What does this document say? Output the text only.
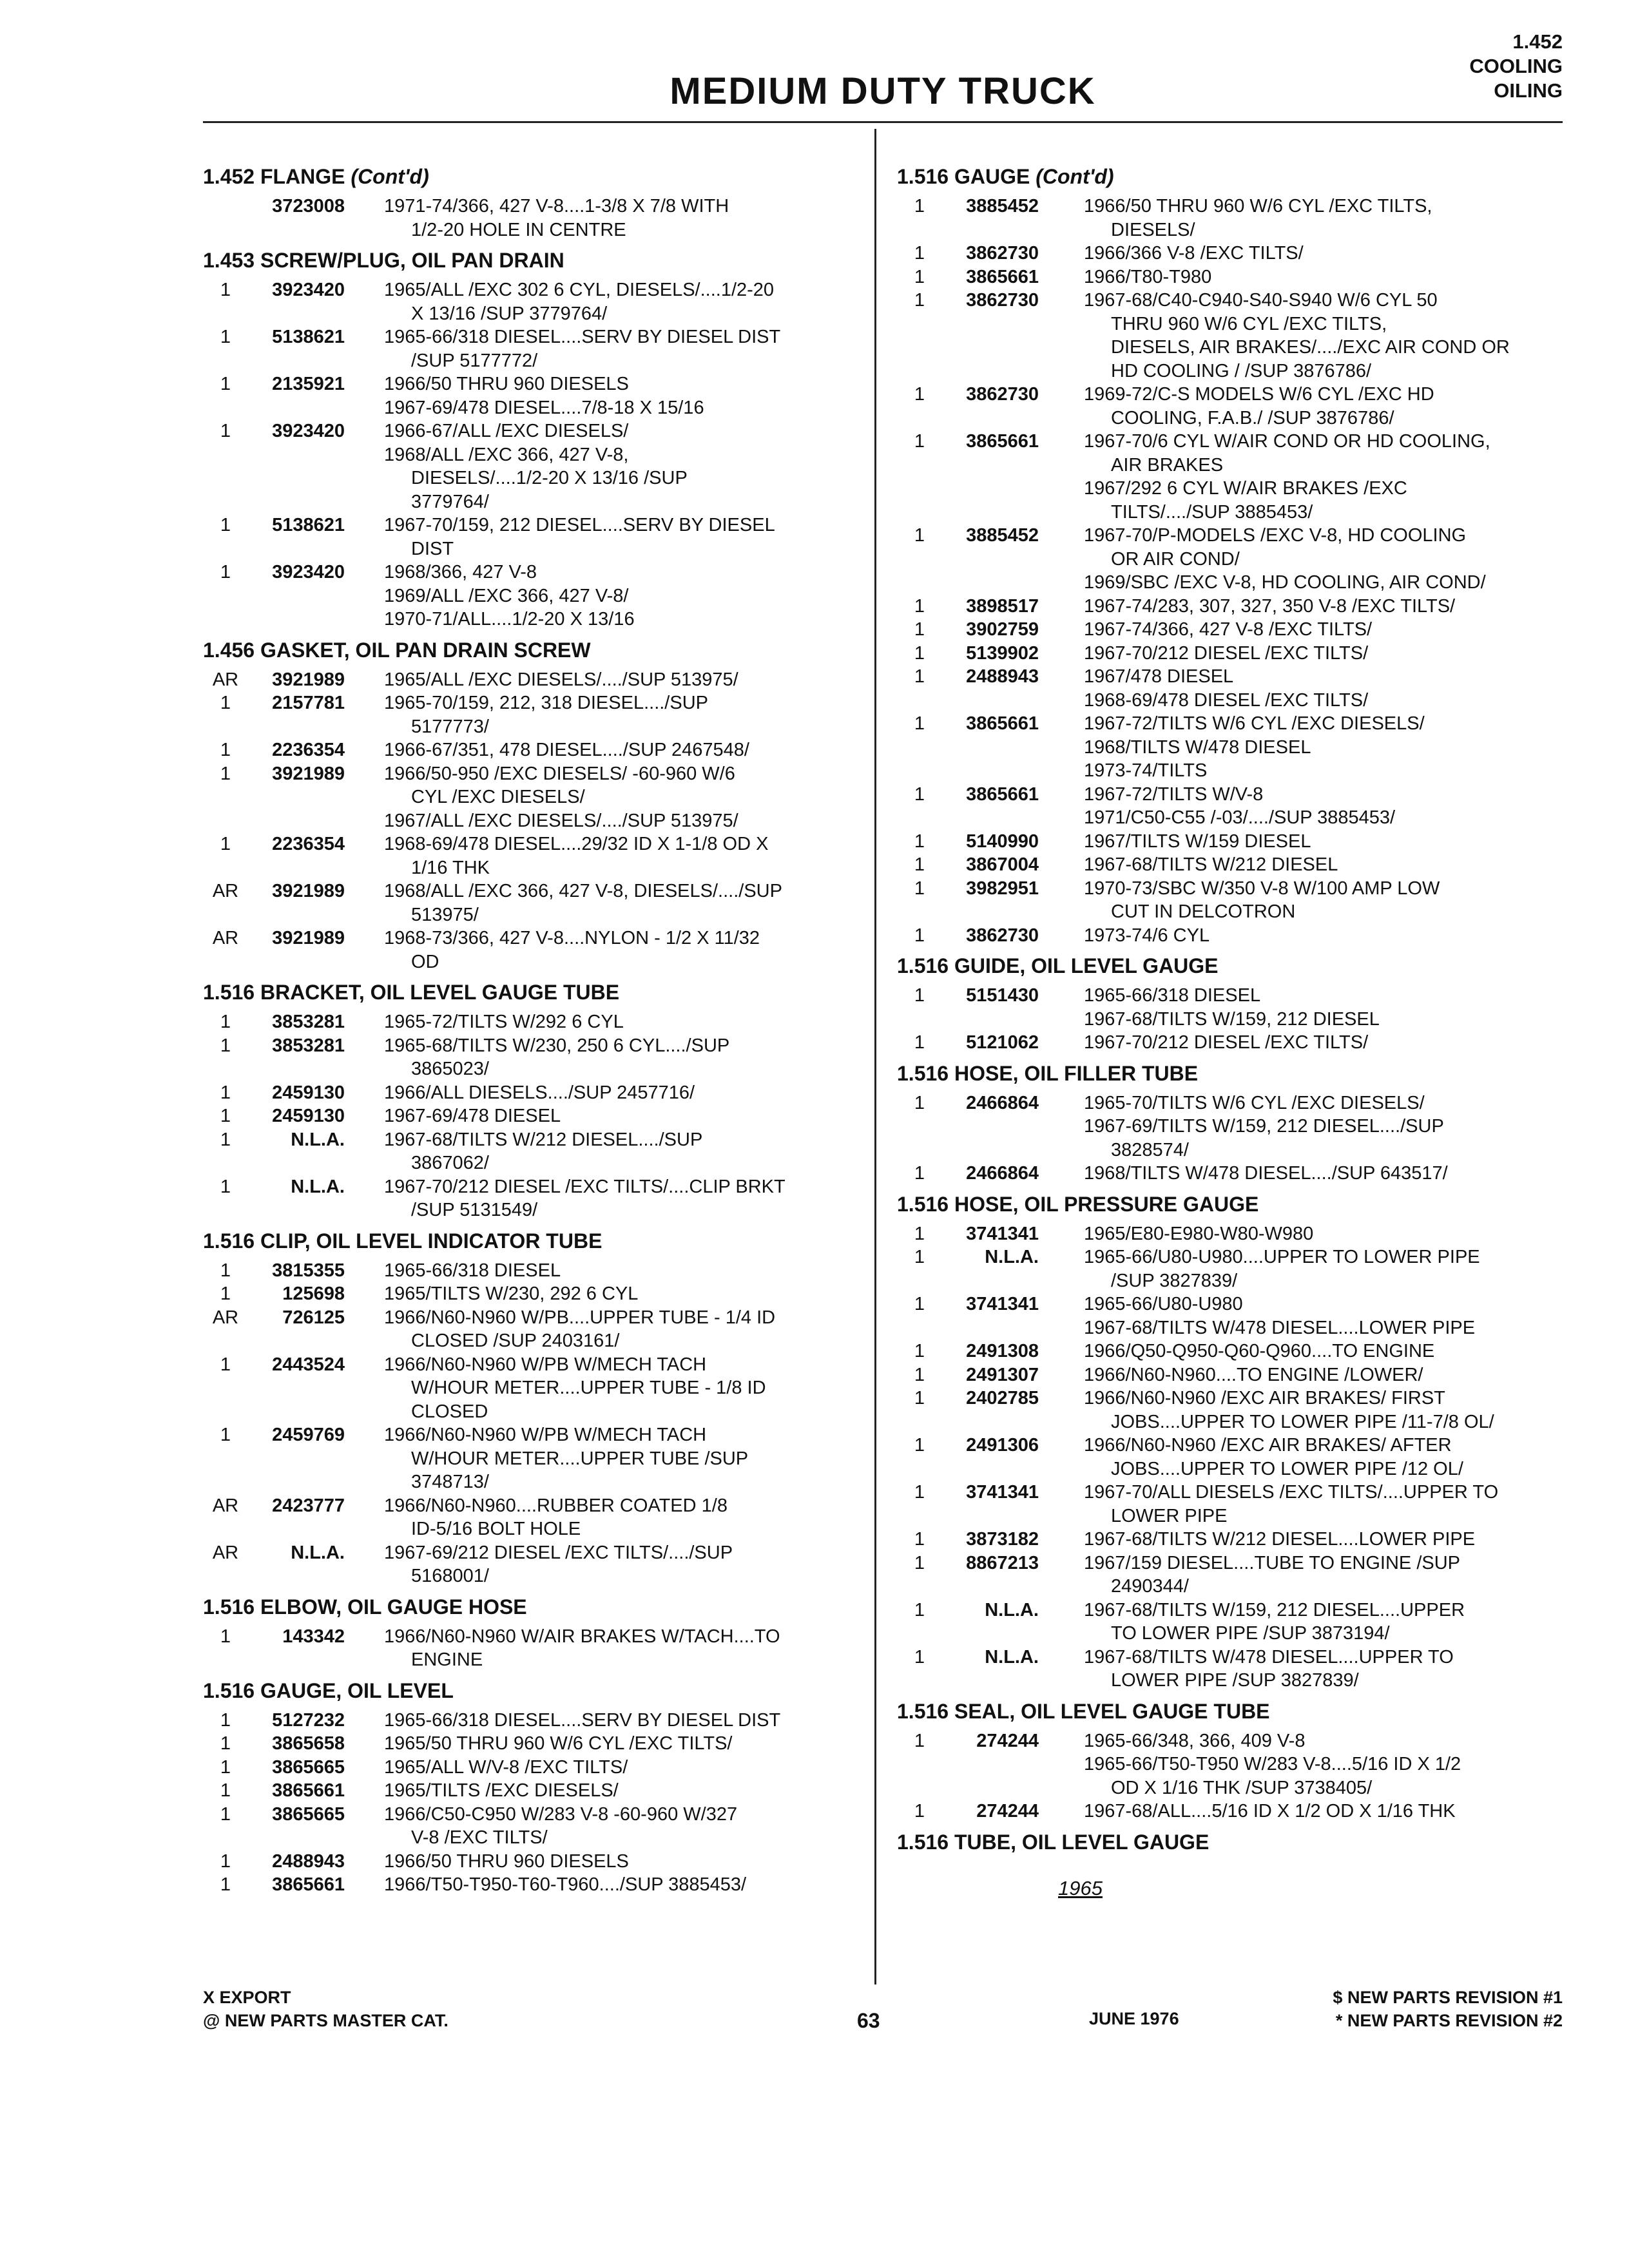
MEDIUM DUTY TRUCK
1.452
COOLING
OILING
1.452 FLANGE (Cont'd)
3723008 1971-74/366, 427 V-8....1-3/8 X 7/8 WITH
1/2-20 HOLE IN CENTRE
1.453 SCREW/PLUG, OIL PAN DRAIN
1	3923420 1965/ALL /EXC 302 6 CYL, DIESELS/....1/2-20
X 13/16 /SUP 3779764/
1	5138621 1965-66/318 DIESEL....SERV BY DIESEL DIST
/SUP 5177772/
1	2135921 1966/50 THRU 960 DIESELS
1967-69/478 DIESEL....7/8-18 X 15/16
1	3923420 1966-67/ALL /EXC DIESELS/
1968/ALL /EXC 366, 427 V-8,
DIESELS/....1/2-20 X 13/16 /SUP
3779764/
1	5138621 1967-70/159, 212 DIESEL....SERV BY DIESEL
DIST
1	3923420 1968/366, 427 V-8
1969/ALL /EXC 366, 427 V-8/
1970-71/ALL....1/2-20 X 13/16
1.456 GASKET, OIL PAN DRAIN SCREW
AR	3921989 1965/ALL /EXC DIESELS/..../SUP 513975/
1	2157781 1965-70/159, 212, 318 DIESEL..../SUP
5177773/
1	2236354 1966-67/351, 478 DIESEL..../SUP 2467548/
1	3921989 1966/50-950 /EXC DIESELS/ -60-960 W/6
CYL /EXC DIESELS/
1967/ALL /EXC DIESELS/..../SUP 513975/
1	2236354 1968-69/478 DIESEL....29/32 ID X 1-1/8 OD X
1/16 THK
AR	3921989 1968/ALL /EXC 366, 427 V-8, DIESELS/..../SUP
513975/
AR	3921989 1968-73/366, 427 V-8....NYLON - 1/2 X 11/32
OD
1.516 BRACKET, OIL LEVEL GAUGE TUBE
1	3853281 1965-72/TILTS W/292 6 CYL
1	3853281 1965-68/TILTS W/230, 250 6 CYL..../SUP
3865023/
1	2459130 1966/ALL DIESELS..../SUP 2457716/
1	2459130 1967-69/478 DIESEL
1	N.L.A. 1967-68/TILTS W/212 DIESEL..../SUP
3867062/
1	N.L.A. 1967-70/212 DIESEL /EXC TILTS/....CLIP BRKT
/SUP 5131549/
1.516 CLIP, OIL LEVEL INDICATOR TUBE
1	3815355 1965-66/318 DIESEL
1	125698 1965/TILTS W/230, 292 6 CYL
AR	726125 1966/N60-N960 W/PB....UPPER TUBE - 1/4 ID
CLOSED /SUP 2403161/
1	2443524 1966/N60-N960 W/PB W/MECH TACH
W/HOUR METER....UPPER TUBE - 1/8 ID
CLOSED
1	2459769 1966/N60-N960 W/PB W/MECH TACH
W/HOUR METER....UPPER TUBE /SUP
3748713/
AR	2423777 1966/N60-N960....RUBBER COATED 1/8
ID-5/16 BOLT HOLE
AR	N.L.A. 1967-69/212 DIESEL /EXC TILTS/..../SUP
5168001/
1.516 ELBOW, OIL GAUGE HOSE
1	143342 1966/N60-N960 W/AIR BRAKES W/TACH....TO
ENGINE
1.516 GAUGE, OIL LEVEL
1	5127232 1965-66/318 DIESEL....SERV BY DIESEL DIST
1	3865658 1965/50 THRU 960 W/6 CYL /EXC TILTS/
1	3865665 1965/ALL W/V-8 /EXC TILTS/
1	3865661 1965/TILTS /EXC DIESELS/
1	3865665 1966/C50-C950 W/283 V-8 -60-960 W/327
V-8 /EXC TILTS/
1	2488943 1966/50 THRU 960 DIESELS
1	3865661 1966/T50-T950-T60-T960..../SUP 3885453/
1.516 GAUGE (Cont'd)
1	3885452 1966/50 THRU 960 W/6 CYL /EXC TILTS,
DIESELS/
1	3862730 1966/366 V-8 /EXC TILTS/
1	3865661 1966/T80-T980
1	3862730 1967-68/C40-C940-S40-S940 W/6 CYL 50
THRU 960 W/6 CYL /EXC TILTS,
DIESELS, AIR BRAKES/..../EXC AIR COND OR
HD COOLING / /SUP 3876786/
1	3862730 1969-72/C-S MODELS W/6 CYL /EXC HD
COOLING, F.A.B./ /SUP 3876786/
1	3865661 1967-70/6 CYL W/AIR COND OR HD COOLING,
AIR BRAKES
1967/292 6 CYL W/AIR BRAKES /EXC
TILTS/..../SUP 3885453/
1	3885452 1967-70/P-MODELS /EXC V-8, HD COOLING
OR AIR COND/
1969/SBC /EXC V-8, HD COOLING, AIR COND/
1	3898517 1967-74/283, 307, 327, 350 V-8 /EXC TILTS/
1	3902759 1967-74/366, 427 V-8 /EXC TILTS/
1	5139902 1967-70/212 DIESEL /EXC TILTS/
1	2488943 1967/478 DIESEL
1968-69/478 DIESEL /EXC TILTS/
1	3865661 1967-72/TILTS W/6 CYL /EXC DIESELS/
1968/TILTS W/478 DIESEL
1973-74/TILTS
1	3865661 1967-72/TILTS W/V-8
1971/C50-C55 /-03/..../SUP 3885453/
1	5140990 1967/TILTS W/159 DIESEL
1	3867004 1967-68/TILTS W/212 DIESEL
1	3982951 1970-73/SBC W/350 V-8 W/100 AMP LOW
CUT IN DELCOTRON
1	3862730 1973-74/6 CYL
1.516 GUIDE, OIL LEVEL GAUGE
1	5151430 1965-66/318 DIESEL
1967-68/TILTS W/159, 212 DIESEL
1	5121062 1967-70/212 DIESEL /EXC TILTS/
1.516 HOSE, OIL FILLER TUBE
1	2466864 1965-70/TILTS W/6 CYL /EXC DIESELS/
1967-69/TILTS W/159, 212 DIESEL..../SUP
3828574/
1	2466864 1968/TILTS W/478 DIESEL..../SUP 643517/
1.516 HOSE, OIL PRESSURE GAUGE
1	3741341 1965/E80-E980-W80-W980
1	N.L.A. 1965-66/U80-U980....UPPER TO LOWER PIPE
/SUP 3827839/
1	3741341 1965-66/U80-U980
1967-68/TILTS W/478 DIESEL....LOWER PIPE
1	2491308 1966/Q50-Q950-Q60-Q960....TO ENGINE
1	2491307 1966/N60-N960....TO ENGINE /LOWER/
1	2402785 1966/N60-N960 /EXC AIR BRAKES/ FIRST
JOBS....UPPER TO LOWER PIPE /11-7/8 OL/
1	2491306 1966/N60-N960 /EXC AIR BRAKES/ AFTER
JOBS....UPPER TO LOWER PIPE /12 OL/
1	3741341 1967-70/ALL DIESELS /EXC TILTS/....UPPER TO
LOWER PIPE
1	3873182 1967-68/TILTS W/212 DIESEL....LOWER PIPE
1	8867213 1967/159 DIESEL....TUBE TO ENGINE /SUP
2490344/
1	N.L.A. 1967-68/TILTS W/159, 212 DIESEL....UPPER
TO LOWER PIPE /SUP 3873194/
1	N.L.A. 1967-68/TILTS W/478 DIESEL....UPPER TO
LOWER PIPE /SUP 3827839/
1.516 SEAL, OIL LEVEL GAUGE TUBE
1	274244 1965-66/348, 366, 409 V-8
1965-66/T50-T950 W/283 V-8....5/16 ID X 1/2
OD X 1/16 THK /SUP 3738405/
1	274244 1967-68/ALL....5/16 ID X 1/2 OD X 1/16 THK
1.516 TUBE, OIL LEVEL GAUGE
1965
X EXPORT
@ NEW PARTS MASTER CAT.	63	JUNE 1976
$ NEW PARTS REVISION #1
* NEW PARTS REVISION #2
